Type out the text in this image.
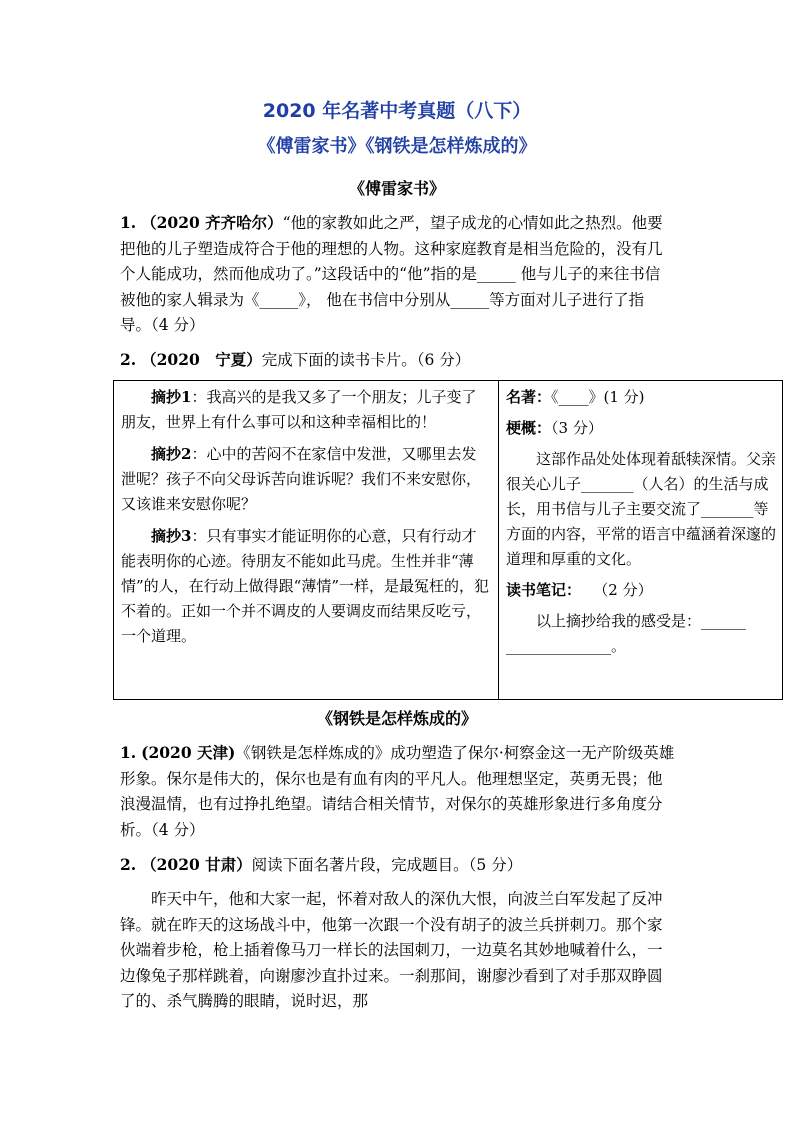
2020 年名著中考真题（八下）
《傅雷家书》《钢铁是怎样炼成的》
《傅雷家书》

1. （2020 齐齐哈尔）“他的家教如此之严，望子成龙的心情如此之热烈。他要把他的儿子塑造成符合于他的理想的人物。这种家庭教育是相当危险的，没有几个人能成功，然而他成功了。”这段话中的“他”指的是_____ 他与儿子的来往书信被他的家人辑录为《_____》， 他在书信中分别从_____等方面对儿子进行了指导。（4 分）

2. （2020　宁夏）完成下面的读书卡片。（6 分）

摘抄1：我高兴的是我又多了一个朋友；儿子变了朋友，世界上有什么事可以和这种幸福相比的！

摘抄2：心中的苦闷不在家信中发泄，又哪里去发泄呢？孩子不向父母诉苦向谁诉呢？我们不来安慰你，又该谁来安慰你呢？

摘抄3：只有事实才能证明你的心意，只有行动才能表明你的心迹。待朋友不能如此马虎。生性并非“薄情”的人，在行动上做得跟“薄情”一样，是最冤枉的，犯不着的。正如一个并不调皮的人要调皮而结果反吃亏，一个道理。

名著：《____》(1 分)

梗概：（3 分）

这部作品处处体现着舐犊深情。父亲很关心儿子_______（人名）的生活与成长，用书信与儿子主要交流了_______等方面的内容，平常的语言中蕴涵着深邃的道理和厚重的文化。

读书笔记：　 （2 分）

以上摘抄给我的感受是：______ ______________。

《钢铁是怎样炼成的》

1. (2020 天津)《钢铁是怎样炼成的》成功塑造了保尔·柯察金这一无产阶级英雄形象。保尔是伟大的，保尔也是有血有肉的平凡人。他理想坚定，英勇无畏；他浪漫温情，也有过挣扎绝望。请结合相关情节，对保尔的英雄形象进行多角度分析。（4 分）

2. （2020 甘肃）阅读下面名著片段，完成题目。（5 分）

昨天中午，他和大家一起，怀着对敌人的深仇大恨，向波兰白军发起了反冲锋。就在昨天的这场战斗中，他第一次跟一个没有胡子的波兰兵拼刺刀。那个家伙端着步枪，枪上插着像马刀一样长的法国刺刀，一边莫名其妙地喊着什么，一边像兔子那样跳着，向谢廖沙直扑过来。一刹那间，谢廖沙看到了对手那双睁圆了的、杀气腾腾的眼睛，说时迟，那
